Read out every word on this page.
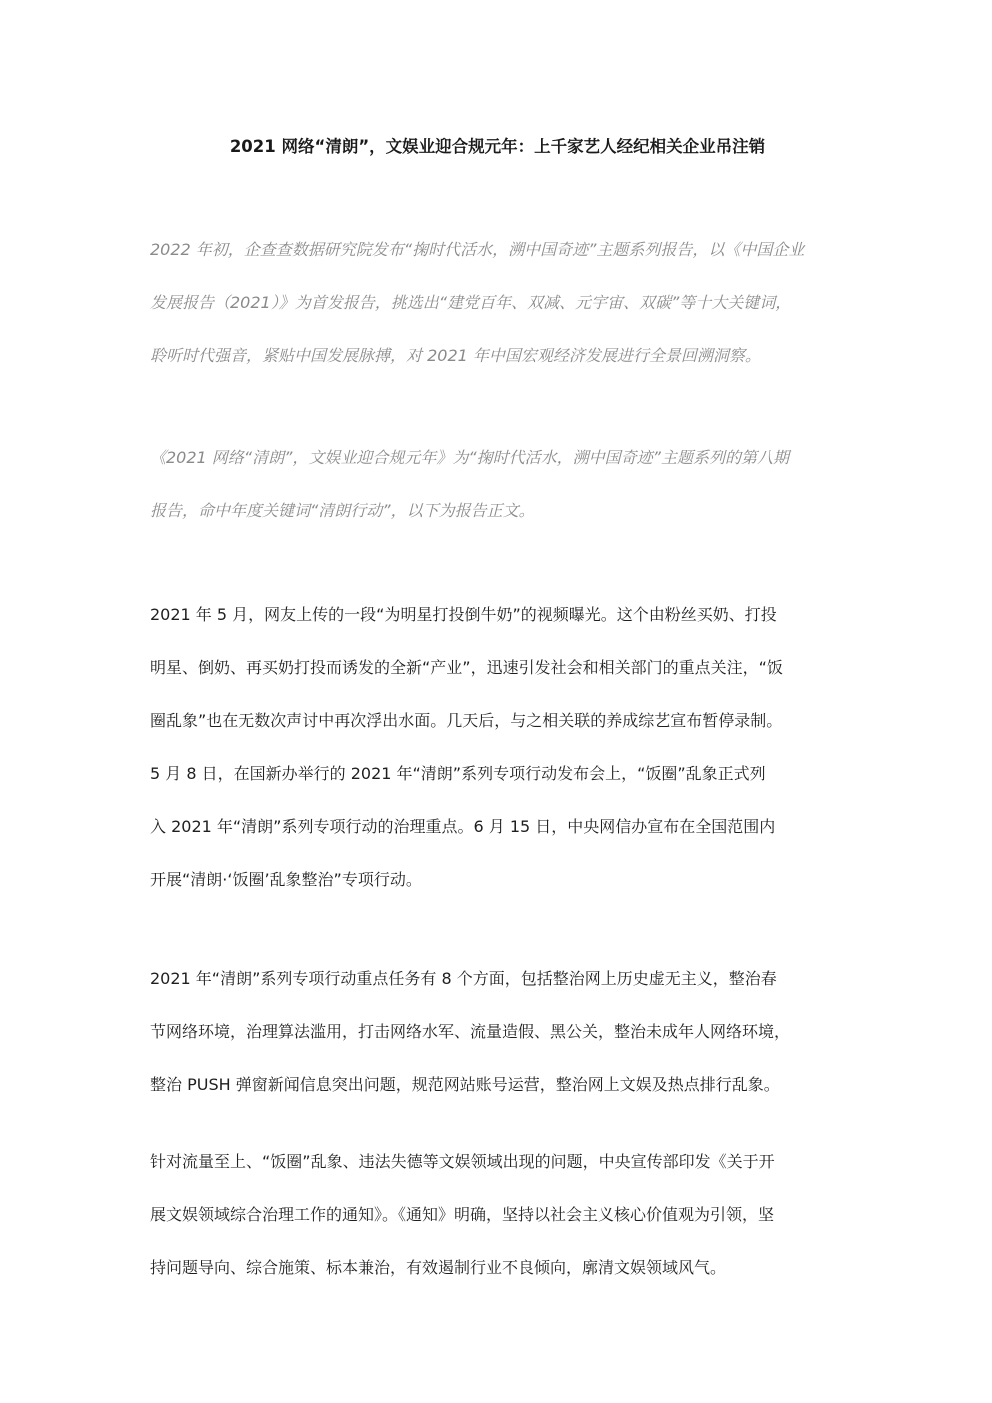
2021 网络“清朗”，文娱业迎合规元年：上千家艺人经纪相关企业吊注销

2022 年初，企查查数据研究院发布“掬时代活水，溯中国奇迹”主题系列报告，以《中国企业
发展报告（2021）》为首发报告，挑选出“建党百年、双减、元宇宙、双碳”等十大关键词，
聆听时代强音，紧贴中国发展脉搏，对 2021 年中国宏观经济发展进行全景回溯洞察。

《2021 网络“清朗”，文娱业迎合规元年》为“掬时代活水，溯中国奇迹”主题系列的第八期
报告，命中年度关键词“清朗行动”，以下为报告正文。

2021 年 5 月，网友上传的一段“为明星打投倒牛奶”的视频曝光。这个由粉丝买奶、打投
明星、倒奶、再买奶打投而诱发的全新“产业”，迅速引发社会和相关部门的重点关注，“饭
圈乱象”也在无数次声讨中再次浮出水面。几天后，与之相关联的养成综艺宣布暂停录制。
5 月 8 日，在国新办举行的 2021 年“清朗”系列专项行动发布会上，“饭圈”乱象正式列
入 2021 年“清朗”系列专项行动的治理重点。6 月 15 日，中央网信办宣布在全国范围内
开展“清朗·‘饭圈’乱象整治”专项行动。

2021 年“清朗”系列专项行动重点任务有 8 个方面，包括整治网上历史虚无主义，整治春
节网络环境，治理算法滥用，打击网络水军、流量造假、黑公关，整治未成年人网络环境，
整治 PUSH 弹窗新闻信息突出问题，规范网站账号运营，整治网上文娱及热点排行乱象。

针对流量至上、“饭圈”乱象、违法失德等文娱领域出现的问题，中央宣传部印发《关于开
展文娱领域综合治理工作的通知》。《通知》明确，坚持以社会主义核心价值观为引领，坚
持问题导向、综合施策、标本兼治，有效遏制行业不良倾向，廓清文娱领域风气。
